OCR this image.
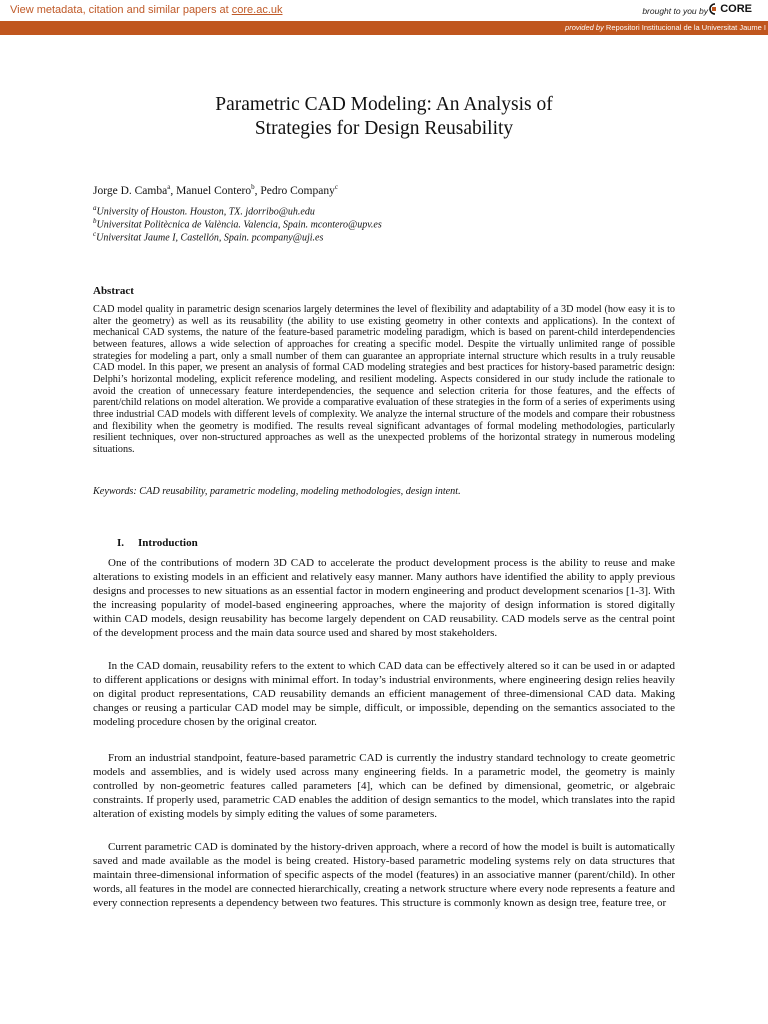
View metadata, citation and similar papers at core.ac.uk	brought to you by CORE
provided by Repositori Institucional de la Universitat Jaume I
Parametric CAD Modeling: An Analysis of
Strategies for Design Reusability
Jorge D. Camba$^a$, Manuel Contero$^b$, Pedro Company$^c$
$^a$University of Houston. Houston, TX. jdorribo@uh.edu
$^b$Universitat Politècnica de València. Valencia, Spain. mcontero@upv.es
$^c$Universitat Jaume I, Castellón, Spain. pcompany@uji.es
Abstract
CAD model quality in parametric design scenarios largely determines the level of flexibility and adaptability of a 3D model (how easy it is to alter the geometry) as well as its reusability (the ability to use existing geometry in other contexts and applications). In the context of mechanical CAD systems, the nature of the feature-based parametric modeling paradigm, which is based on parent-child interdependencies between features, allows a wide selection of approaches for creating a specific model. Despite the virtually unlimited range of possible strategies for modeling a part, only a small number of them can guarantee an appropriate internal structure which results in a truly reusable CAD model. In this paper, we present an analysis of formal CAD modeling strategies and best practices for history-based parametric design: Delphi’s horizontal modeling, explicit reference modeling, and resilient modeling. Aspects considered in our study include the rationale to avoid the creation of unnecessary feature interdependencies, the sequence and selection criteria for those features, and the effects of parent/child relations on model alteration. We provide a comparative evaluation of these strategies in the form of a series of experiments using three industrial CAD models with different levels of complexity. We analyze the internal structure of the models and compare their robustness and flexibility when the geometry is modified. The results reveal significant advantages of formal modeling methodologies, particularly resilient techniques, over non-structured approaches as well as the unexpected problems of the horizontal strategy in numerous modeling situations.
Keywords: CAD reusability, parametric modeling, modeling methodologies, design intent.
I. Introduction

One of the contributions of modern 3D CAD to accelerate the product development process is the ability to reuse and make alterations to existing models in an efficient and relatively easy manner. Many authors have identified the ability to apply previous designs and processes to new situations as an essential factor in modern engineering and product development scenarios [1-3]. With the increasing popularity of model-based engineering approaches, where the majority of design information is stored digitally within CAD models, design reusability has become largely dependent on CAD reusability. CAD models serve as the central point of the development process and the main data source used and shared by most stakeholders.

In the CAD domain, reusability refers to the extent to which CAD data can be effectively altered so it can be used in or adapted to different applications or designs with minimal effort. In today’s industrial environments, where engineering design relies heavily on digital product representations, CAD reusability demands an efficient management of three-dimensional CAD data. Making changes or reusing a particular CAD model may be simple, difficult, or impossible, depending on the semantics associated to the modeling procedure chosen by the original creator.

From an industrial standpoint, feature-based parametric CAD is currently the industry standard technology to create geometric models and assemblies, and is widely used across many engineering fields. In a parametric model, the geometry is mainly controlled by non-geometric features called parameters [4], which can be defined by dimensional, geometric, or algebraic constraints. If properly used, parametric CAD enables the addition of design semantics to the model, which translates into the rapid alteration of existing models by simply editing the values of some parameters.

Current parametric CAD is dominated by the history-driven approach, where a record of how the model is built is automatically saved and made available as the model is being created. History-based parametric modeling systems rely on data structures that maintain three-dimensional information of specific aspects of the model (features) in an associative manner (parent/child). In other words, all features in the model are connected hierarchically, creating a network structure where every node represents a feature and every connection represents a dependency between two features. This structure is commonly known as design tree, feature tree, or
